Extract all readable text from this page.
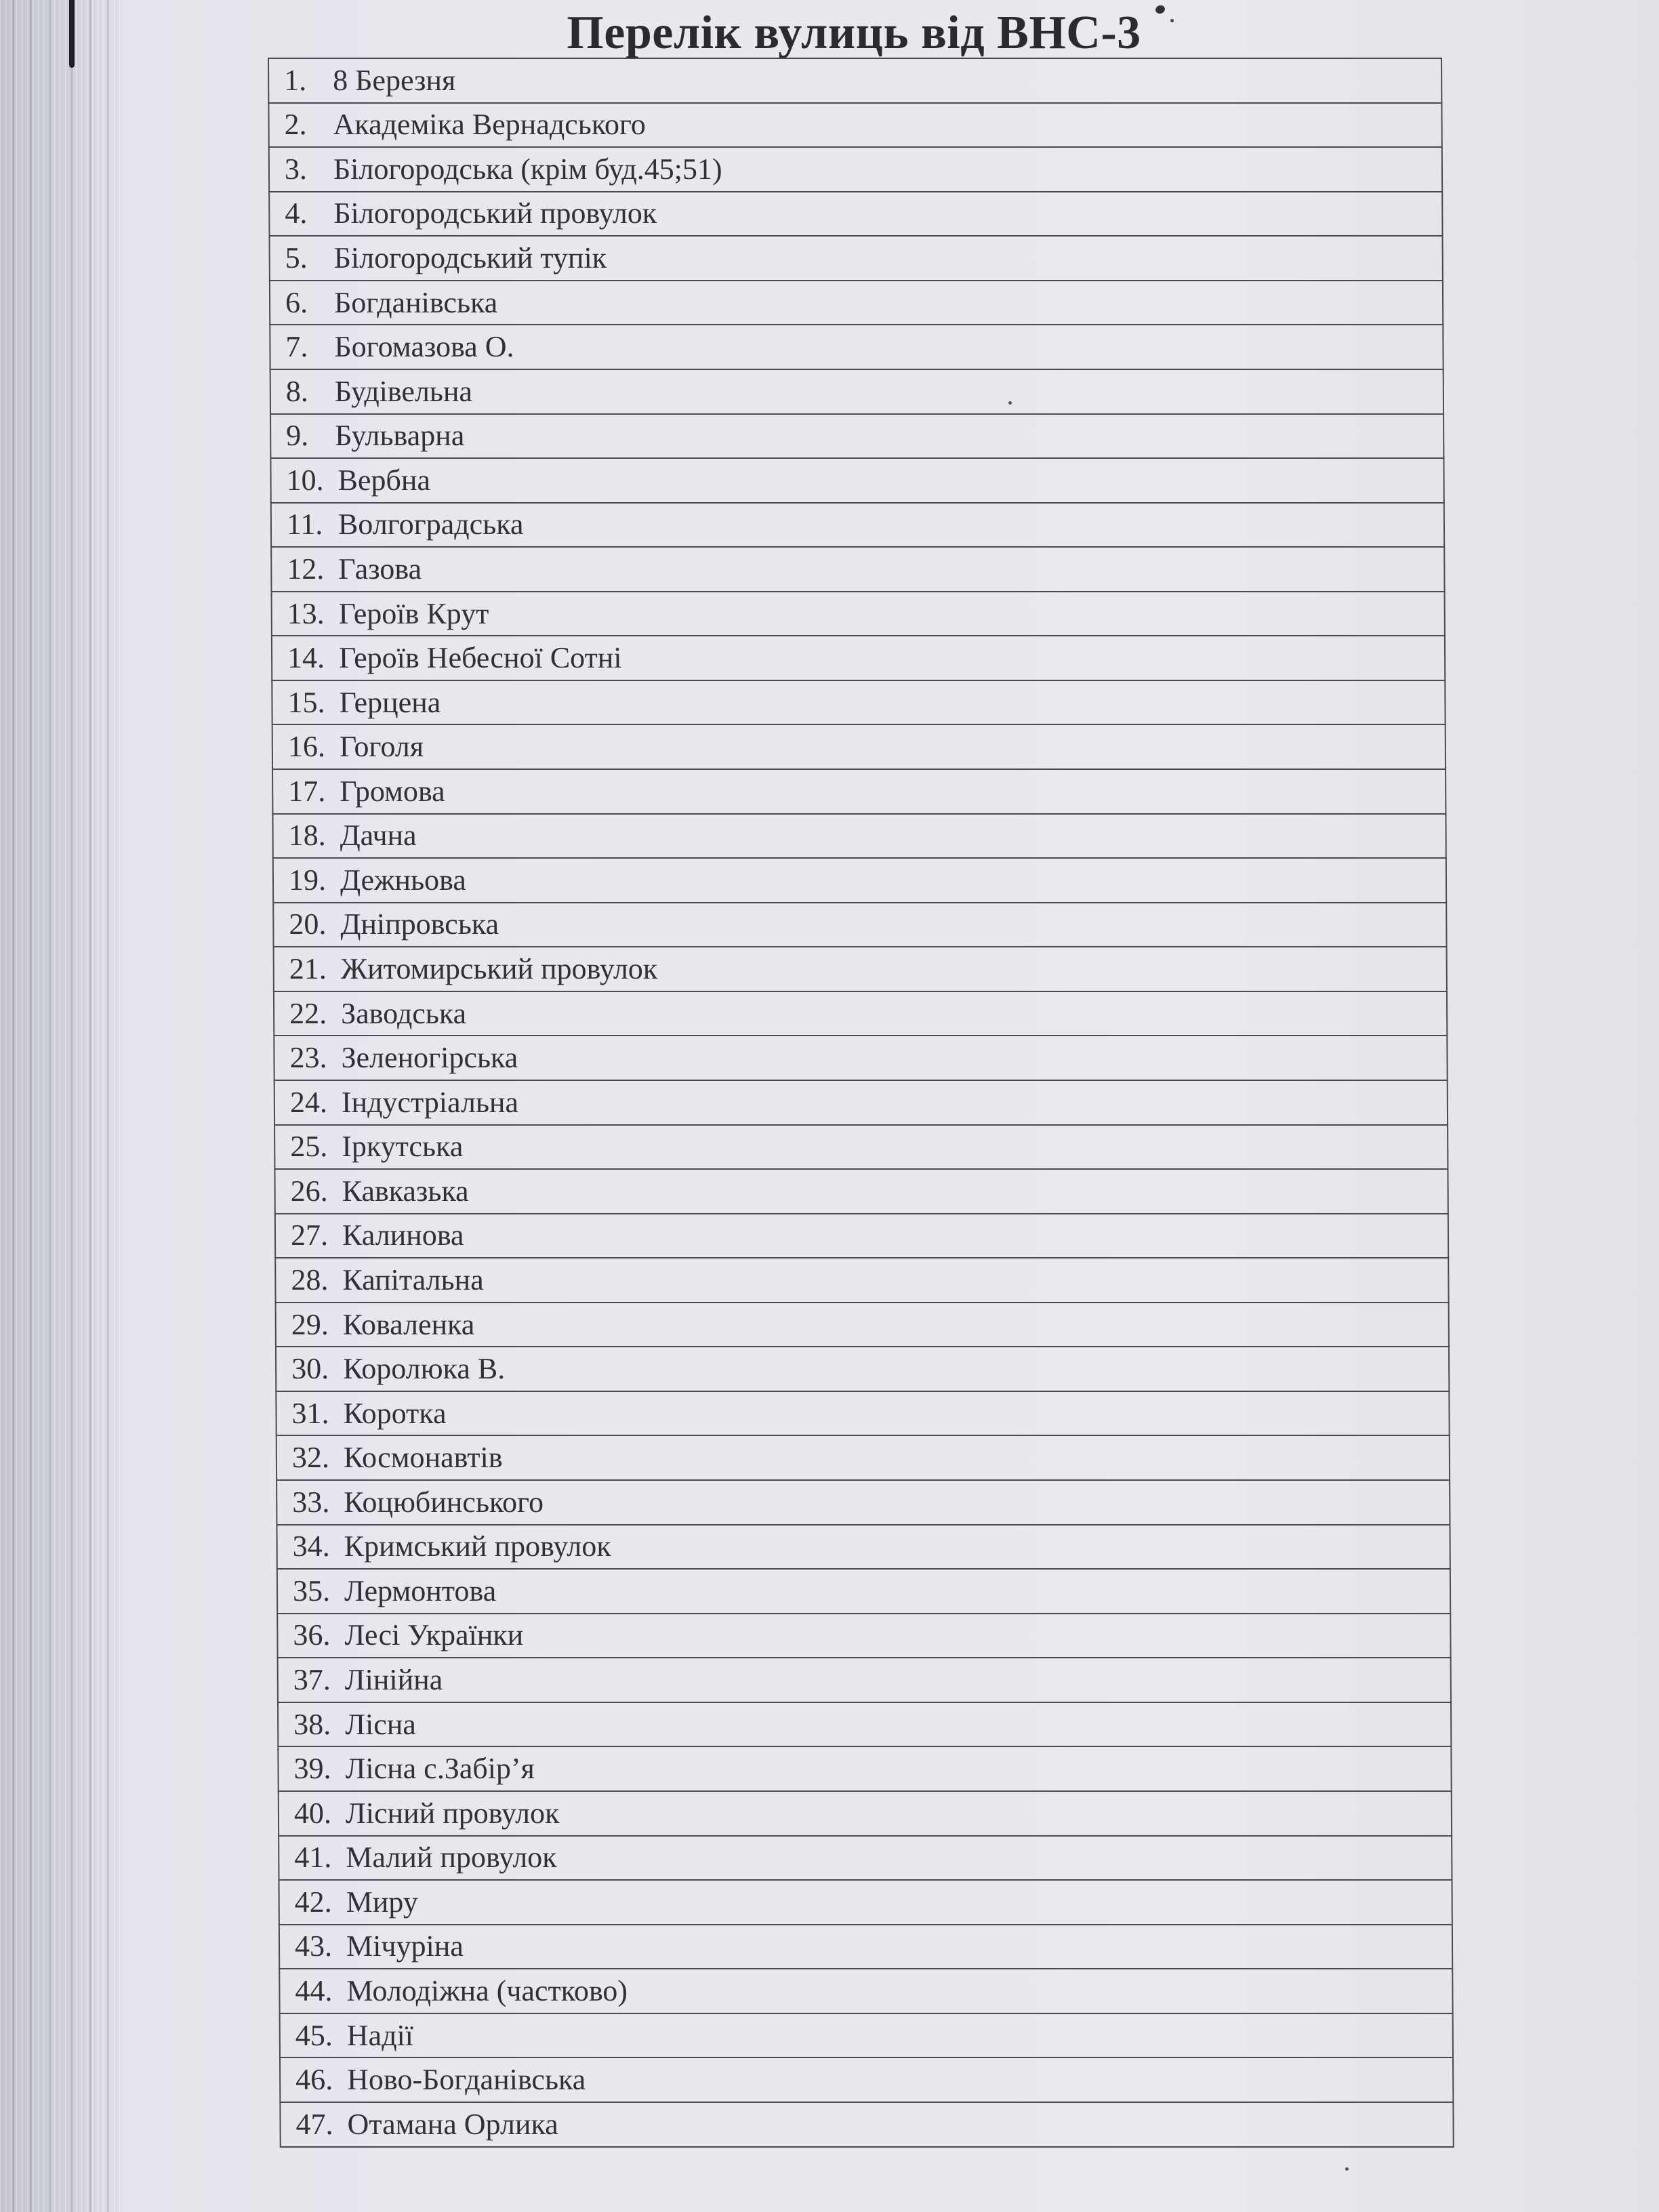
Перелік вулиць від ВНС-3
1. 8 Березня
2. Академіка Вернадського
3. Білогородська (крім буд.45;51)
4. Білогородський провулок
5. Білогородський тупік
6. Богданівська
7. Богомазова О.
8. Будівельна
9. Бульварна
10. Вербна
11. Волгоградська
12. Газова
13. Героїв Крут
14. Героїв Небесної Сотні
15. Герцена
16. Гоголя
17. Громова
18. Дачна
19. Дежньова
20. Дніпровська
21. Житомирський провулок
22. Заводська
23. Зеленогірська
24. Індустріальна
25. Іркутська
26. Кавказька
27. Калинова
28. Капітальна
29. Коваленка
30. Королюка В.
31. Коротка
32. Космонавтів
33. Коцюбинського
34. Кримський провулок
35. Лермонтова
36. Лесі Українки
37. Лінійна
38. Лісна
39. Лісна с.Забір’я
40. Лісний провулок
41. Малий провулок
42. Миру
43. Мічуріна
44. Молодіжна (частково)
45. Надії
46. Ново-Богданівська
47. Отамана Орлика
